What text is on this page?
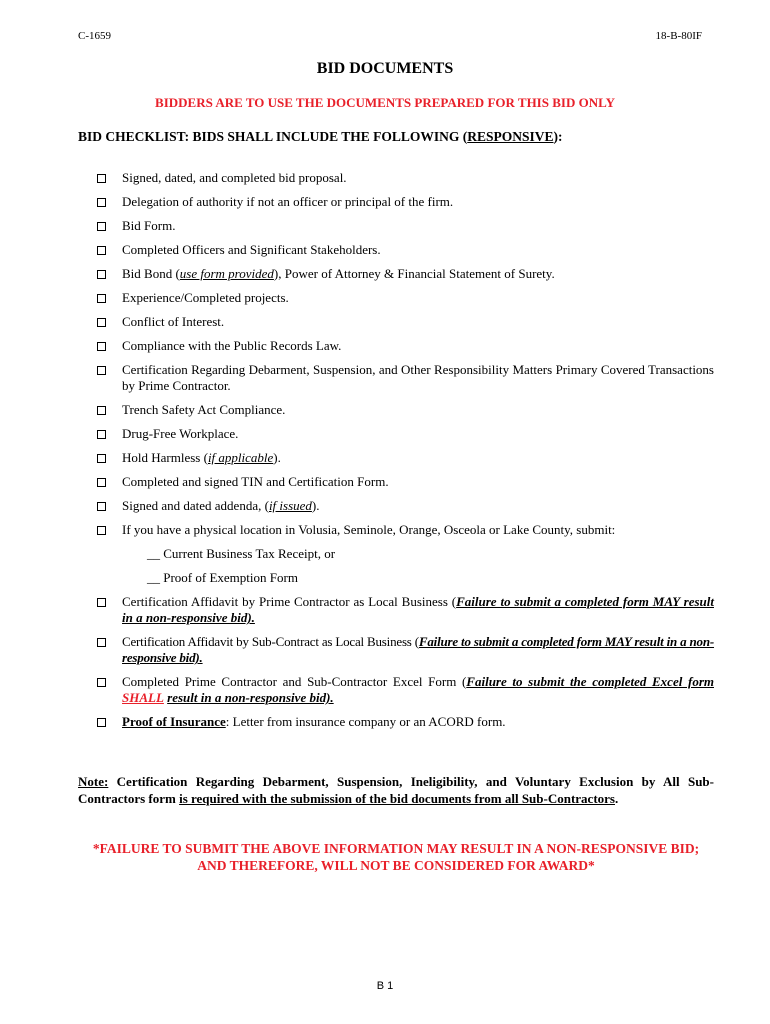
C-1659	18-B-80IF
BID DOCUMENTS
BIDDERS ARE TO USE THE DOCUMENTS PREPARED FOR THIS BID ONLY
BID CHECKLIST: BIDS SHALL INCLUDE THE FOLLOWING (RESPONSIVE):
Signed, dated, and completed bid proposal.
Delegation of authority if not an officer or principal of the firm.
Bid Form.
Completed Officers and Significant Stakeholders.
Bid Bond (use form provided), Power of Attorney & Financial Statement of Surety.
Experience/Completed projects.
Conflict of Interest.
Compliance with the Public Records Law.
Certification Regarding Debarment, Suspension, and Other Responsibility Matters Primary Covered Transactions by Prime Contractor.
Trench Safety Act Compliance.
Drug-Free Workplace.
Hold Harmless (if applicable).
Completed and signed TIN and Certification Form.
Signed and dated addenda, (if issued).
If you have a physical location in Volusia, Seminole, Orange, Osceola or Lake County, submit:
__ Current Business Tax Receipt, or
__ Proof of Exemption Form
Certification Affidavit by Prime Contractor as Local Business (Failure to submit a completed form MAY result in a non-responsive bid).
Certification Affidavit by Sub-Contract as Local Business (Failure to submit a completed form MAY result in a non-responsive bid).
Completed Prime Contractor and Sub-Contractor Excel Form (Failure to submit the completed Excel form SHALL result in a non-responsive bid).
Proof of Insurance: Letter from insurance company or an ACORD form.
Note: Certification Regarding Debarment, Suspension, Ineligibility, and Voluntary Exclusion by All Sub-Contractors form is required with the submission of the bid documents from all Sub-Contractors.
*FAILURE TO SUBMIT THE ABOVE INFORMATION MAY RESULT IN A NON-RESPONSIVE BID;
AND THEREFORE, WILL NOT BE CONSIDERED FOR AWARD*
B 1
